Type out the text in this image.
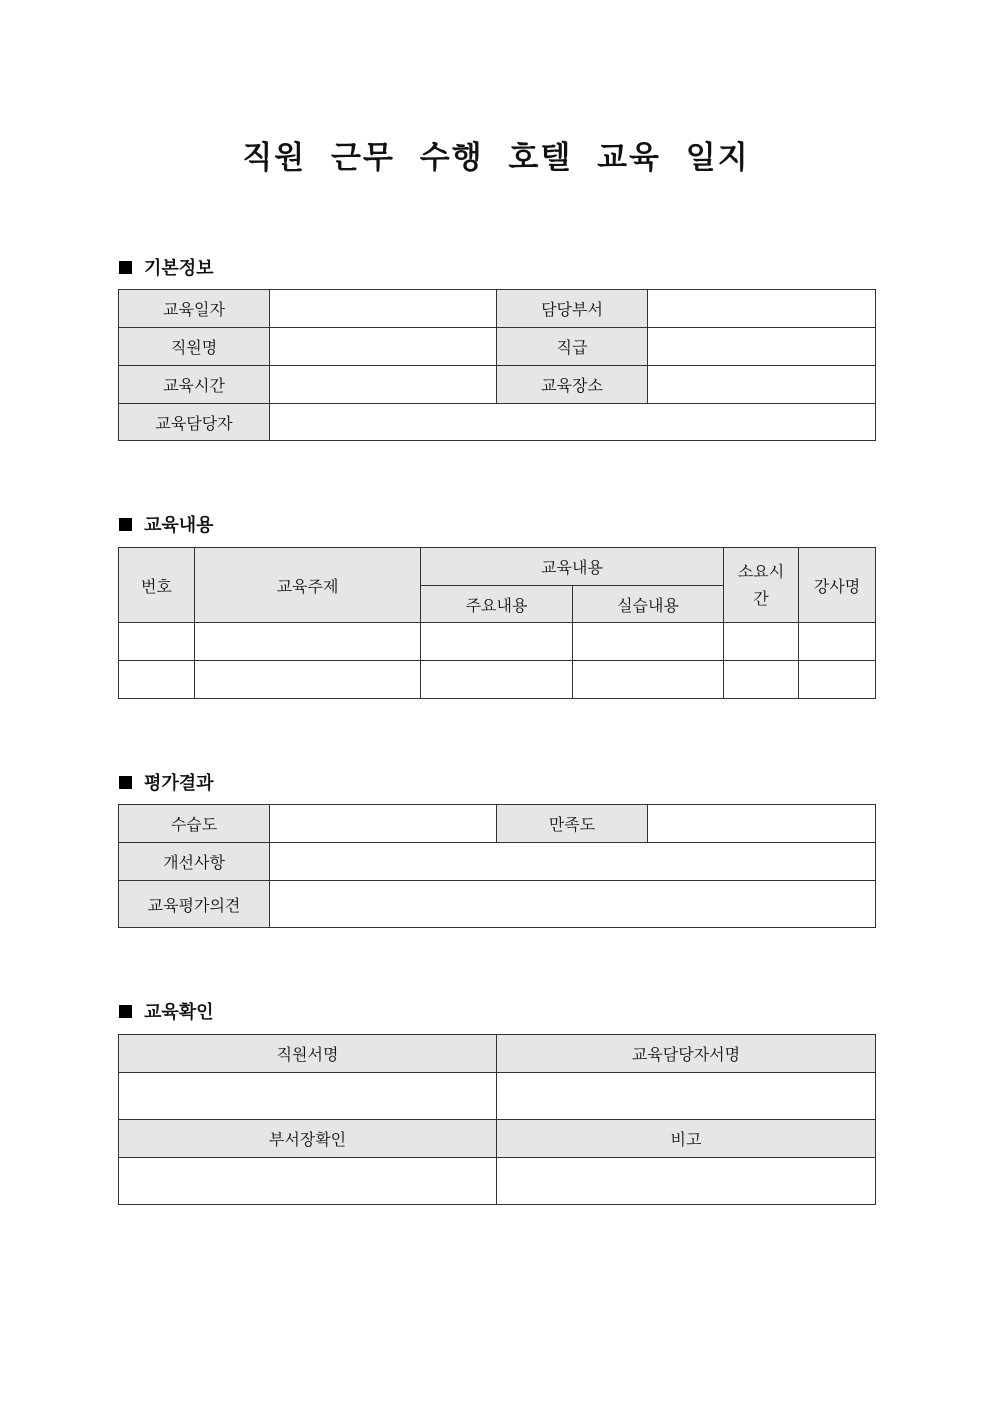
직원 근무 수행 호텔 교육 일지
기본정보
교육일자		담당부서	
직원명		직급	
교육시간		교육장소	
교육담당자			
교육내용
번호	교육주제	교육내용		소요시간	강사명
		주요내용	실습내용		

평가결과
수습도		만족도	
개선사항			
교육평가의견			
교육확인
직원서명	교육담당자서명

부서장확인	비고
